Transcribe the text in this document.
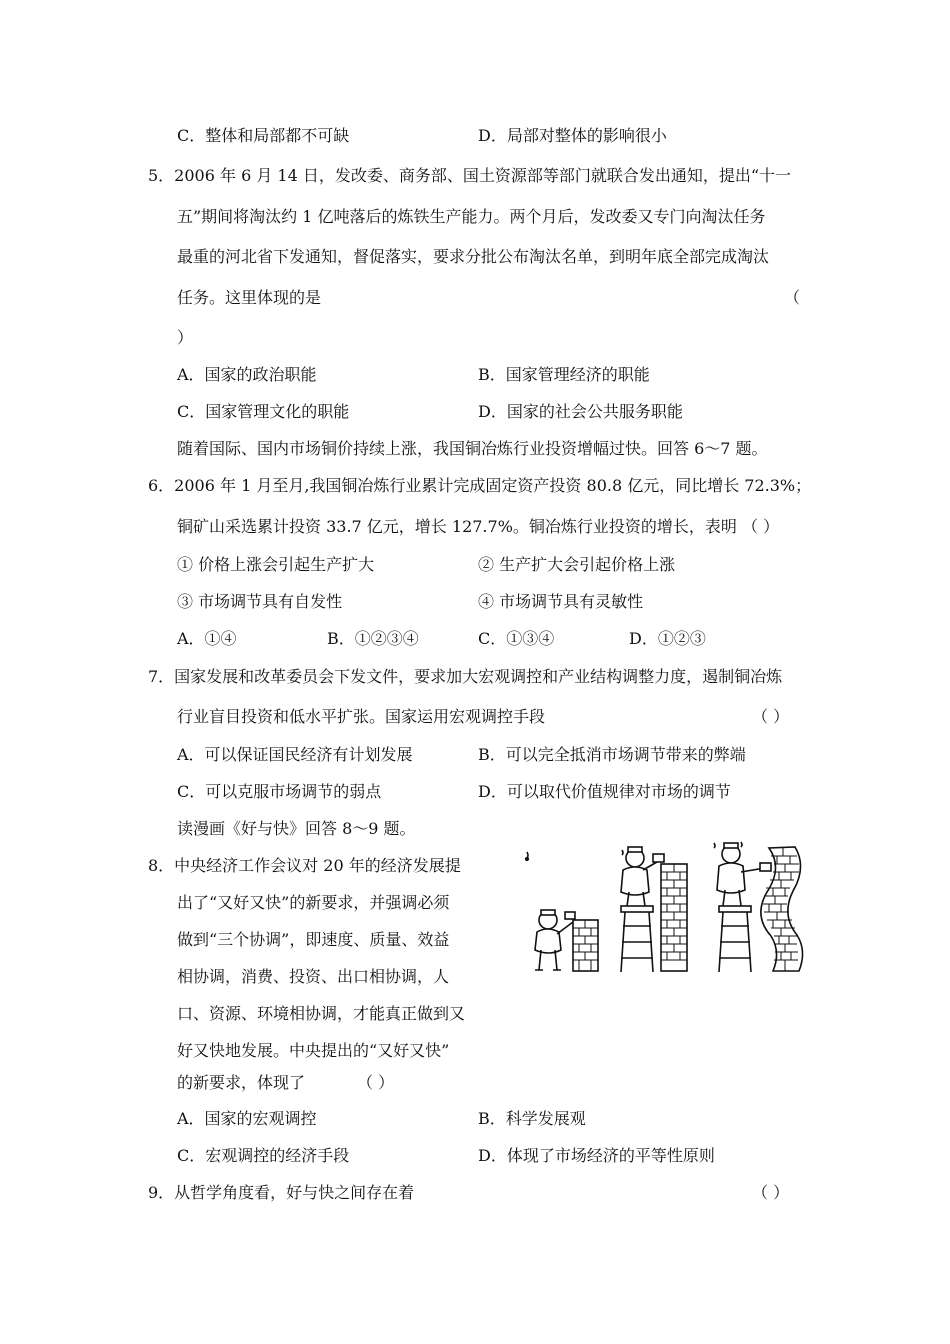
C．整体和局部都不可缺	D．局部对整体的影响很小
5．2006 年 6 月 14 日，发改委、商务部、国土资源部等部门就联合发出通知，提出“十一
五”期间将淘汰约 1 亿吨落后的炼铁生产能力。两个月后，发改委又专门向淘汰任务
最重的河北省下发通知，督促落实，要求分批公布淘汰名单，到明年底全部完成淘汰
任务。这里体现的是	（
）
A．国家的政治职能	B．国家管理经济的职能
C．国家管理文化的职能	D．国家的社会公共服务职能
随着国际、国内市场铜价持续上涨，我国铜冶炼行业投资增幅过快。回答 6～7 题。
6．2006 年 1 月至月,我国铜冶炼行业累计完成固定资产投资 80.8 亿元，同比增长 72.3%；
铜矿山采选累计投资 33.7 亿元，增长 127.7%。铜冶炼行业投资的增长，表明 （ ）
① 价格上涨会引起生产扩大	② 生产扩大会引起价格上涨
③ 市场调节具有自发性	④ 市场调节具有灵敏性
A．①④	B．①②③④	C．①③④	D．①②③
7．国家发展和改革委员会下发文件，要求加大宏观调控和产业结构调整力度，遏制铜冶炼
行业盲目投资和低水平扩张。国家运用宏观调控手段	（ ）
A．可以保证国民经济有计划发展	B．可以完全抵消市场调节带来的弊端
C．可以克服市场调节的弱点	D．可以取代价值规律对市场的调节
读漫画《好与快》回答 8～9 题。
8．中央经济工作会议对 20 年的经济发展提
出了“又好又快”的新要求，并强调必须
做到“三个协调”，即速度、质量、效益
相协调，消费、投资、出口相协调，人
口、资源、环境相协调，才能真正做到又
好又快地发展。中央提出的“又好又快”
的新要求，体现了	（ ）
A．国家的宏观调控	B．科学发展观
C．宏观调控的经济手段	D．体现了市场经济的平等性原则
9．从哲学角度看，好与快之间存在着	（ ）
